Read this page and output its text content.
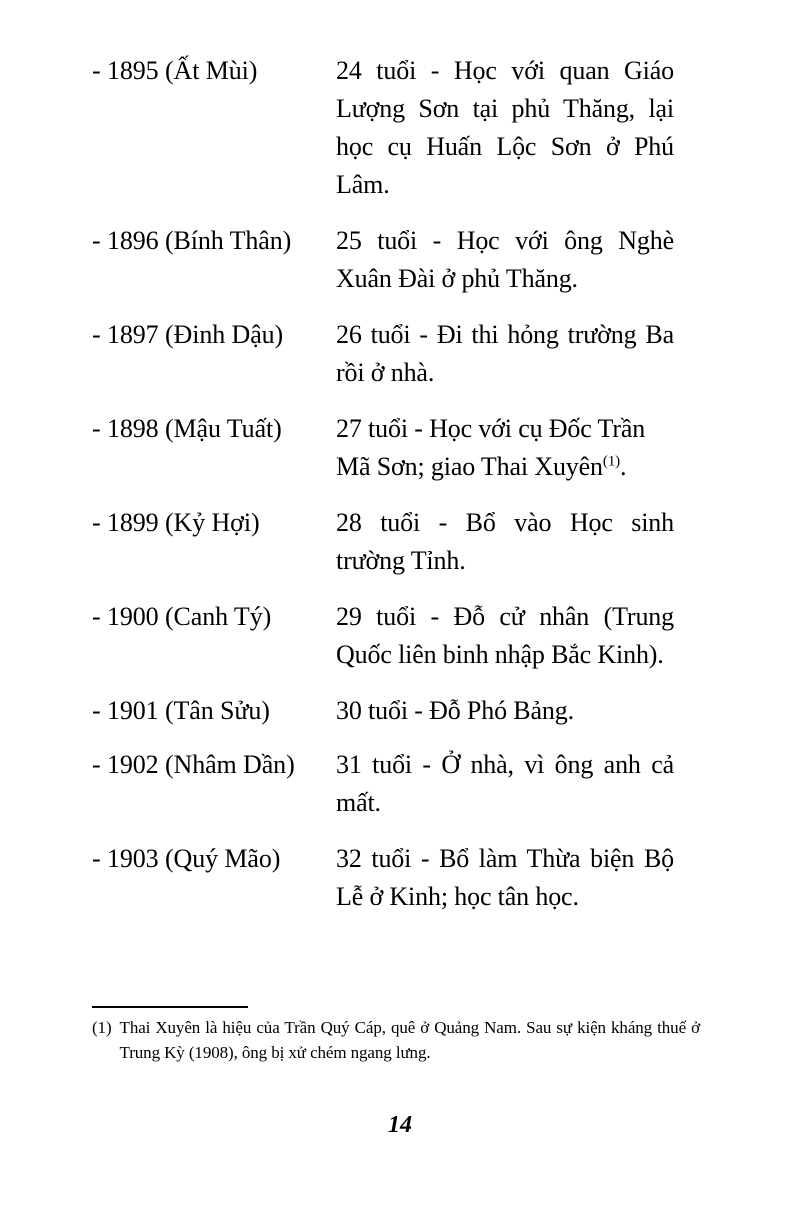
- 1895 (Ất Mùi)	24 tuổi - Học với quan Giáo Lượng Sơn tại phủ Thăng, lại học cụ Huấn Lộc Sơn ở Phú Lâm.
- 1896 (Bính Thân)	25 tuổi - Học với ông Nghè Xuân Đài ở phủ Thăng.
- 1897 (Đinh Dậu)	26 tuổi - Đi thi hỏng trường Ba rồi ở nhà.
- 1898 (Mậu Tuất)	27 tuổi - Học với cụ Đốc Trần Mã Sơn; giao Thai Xuyên$^{(1)}$.
- 1899 (Kỷ Hợi)	28 tuổi - Bổ vào Học sinh trường Tỉnh.
- 1900 (Canh Tý)	29 tuổi - Đỗ cử nhân (Trung Quốc liên binh nhập Bắc Kinh).
- 1901 (Tân Sửu)	30 tuổi - Đỗ Phó Bảng.
- 1902 (Nhâm Dần)	31 tuổi - Ở nhà, vì ông anh cả mất.
- 1903 (Quý Mão)	32 tuổi - Bổ làm Thừa biện Bộ Lễ ở Kinh; học tân học.
(1) Thai Xuyên là hiệu của Trần Quý Cáp, quê ở Quảng Nam. Sau sự kiện kháng thuế ở Trung Kỳ (1908), ông bị xử chém ngang lưng.
14
